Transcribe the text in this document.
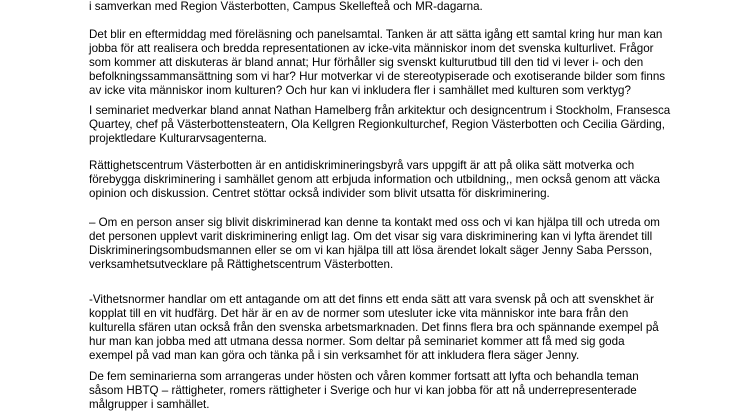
i samverkan med Region Västerbotten, Campus Skellefteå och MR-dagarna.

Det blir en eftermiddag med föreläsning och panelsamtal. Tanken är att sätta igång ett samtal kring hur man kan
jobba för att realisera och bredda representationen av icke-vita människor inom det svenska kulturlivet. Frågor
som kommer att diskuteras är bland annat; Hur förhåller sig svenskt kulturutbud till den tid vi lever i- och den
befolkningssammansättning som vi har? Hur motverkar vi de stereotypiserade och exotiserande bilder som finns
av icke vita människor inom kulturen? Och hur kan vi inkludera fler i samhället med kulturen som verktyg?

I seminariet medverkar bland annat Nathan Hamelberg från arkitektur och designcentrum i Stockholm, Fransesca
Quartey, chef på Västerbottensteatern, Ola Kellgren Regionkulturchef, Region Västerbotten och Cecilia Gärding,
projektledare Kulturarvsagenterna.

Rättighetscentrum Västerbotten är en antidiskrimineringsbyrå vars uppgift är att på olika sätt motverka och
förebygga diskriminering i samhället genom att erbjuda information och utbildning,, men också genom att väcka
opinion och diskussion. Centret stöttar också individer som blivit utsatta för diskriminering.

– Om en person anser sig blivit diskriminerad kan denne ta kontakt med oss och vi kan hjälpa till och utreda om
det personen upplevt varit diskriminering enligt lag. Om det visar sig vara diskriminering kan vi lyfta ärendet till
Diskrimineringsombudsmannen eller se om vi kan hjälpa till att lösa ärendet lokalt säger Jenny Saba Persson,
verksamhetsutvecklare på Rättighetscentrum Västerbotten.

-Vithetsnormer handlar om ett antagande om att det finns ett enda sätt att vara svensk på och att svenskhet är
kopplat till en vit hudfärg. Det här är en av de normer som utesluter icke vita människor inte bara från den
kulturella sfären utan också från den svenska arbetsmarknaden. Det finns flera bra och spännande exempel på
hur man kan jobba med att utmana dessa normer. Som deltar på seminariet kommer att få med sig goda
exempel på vad man kan göra och tänka på i sin verksamhet för att inkludera flera säger Jenny.

De fem seminarierna som arrangeras under hösten och våren kommer fortsatt att lyfta och behandla teman
såsom HBTQ – rättigheter, romers rättigheter i Sverige och hur vi kan jobba för att nå underrepresenterade
målgrupper i samhället.
